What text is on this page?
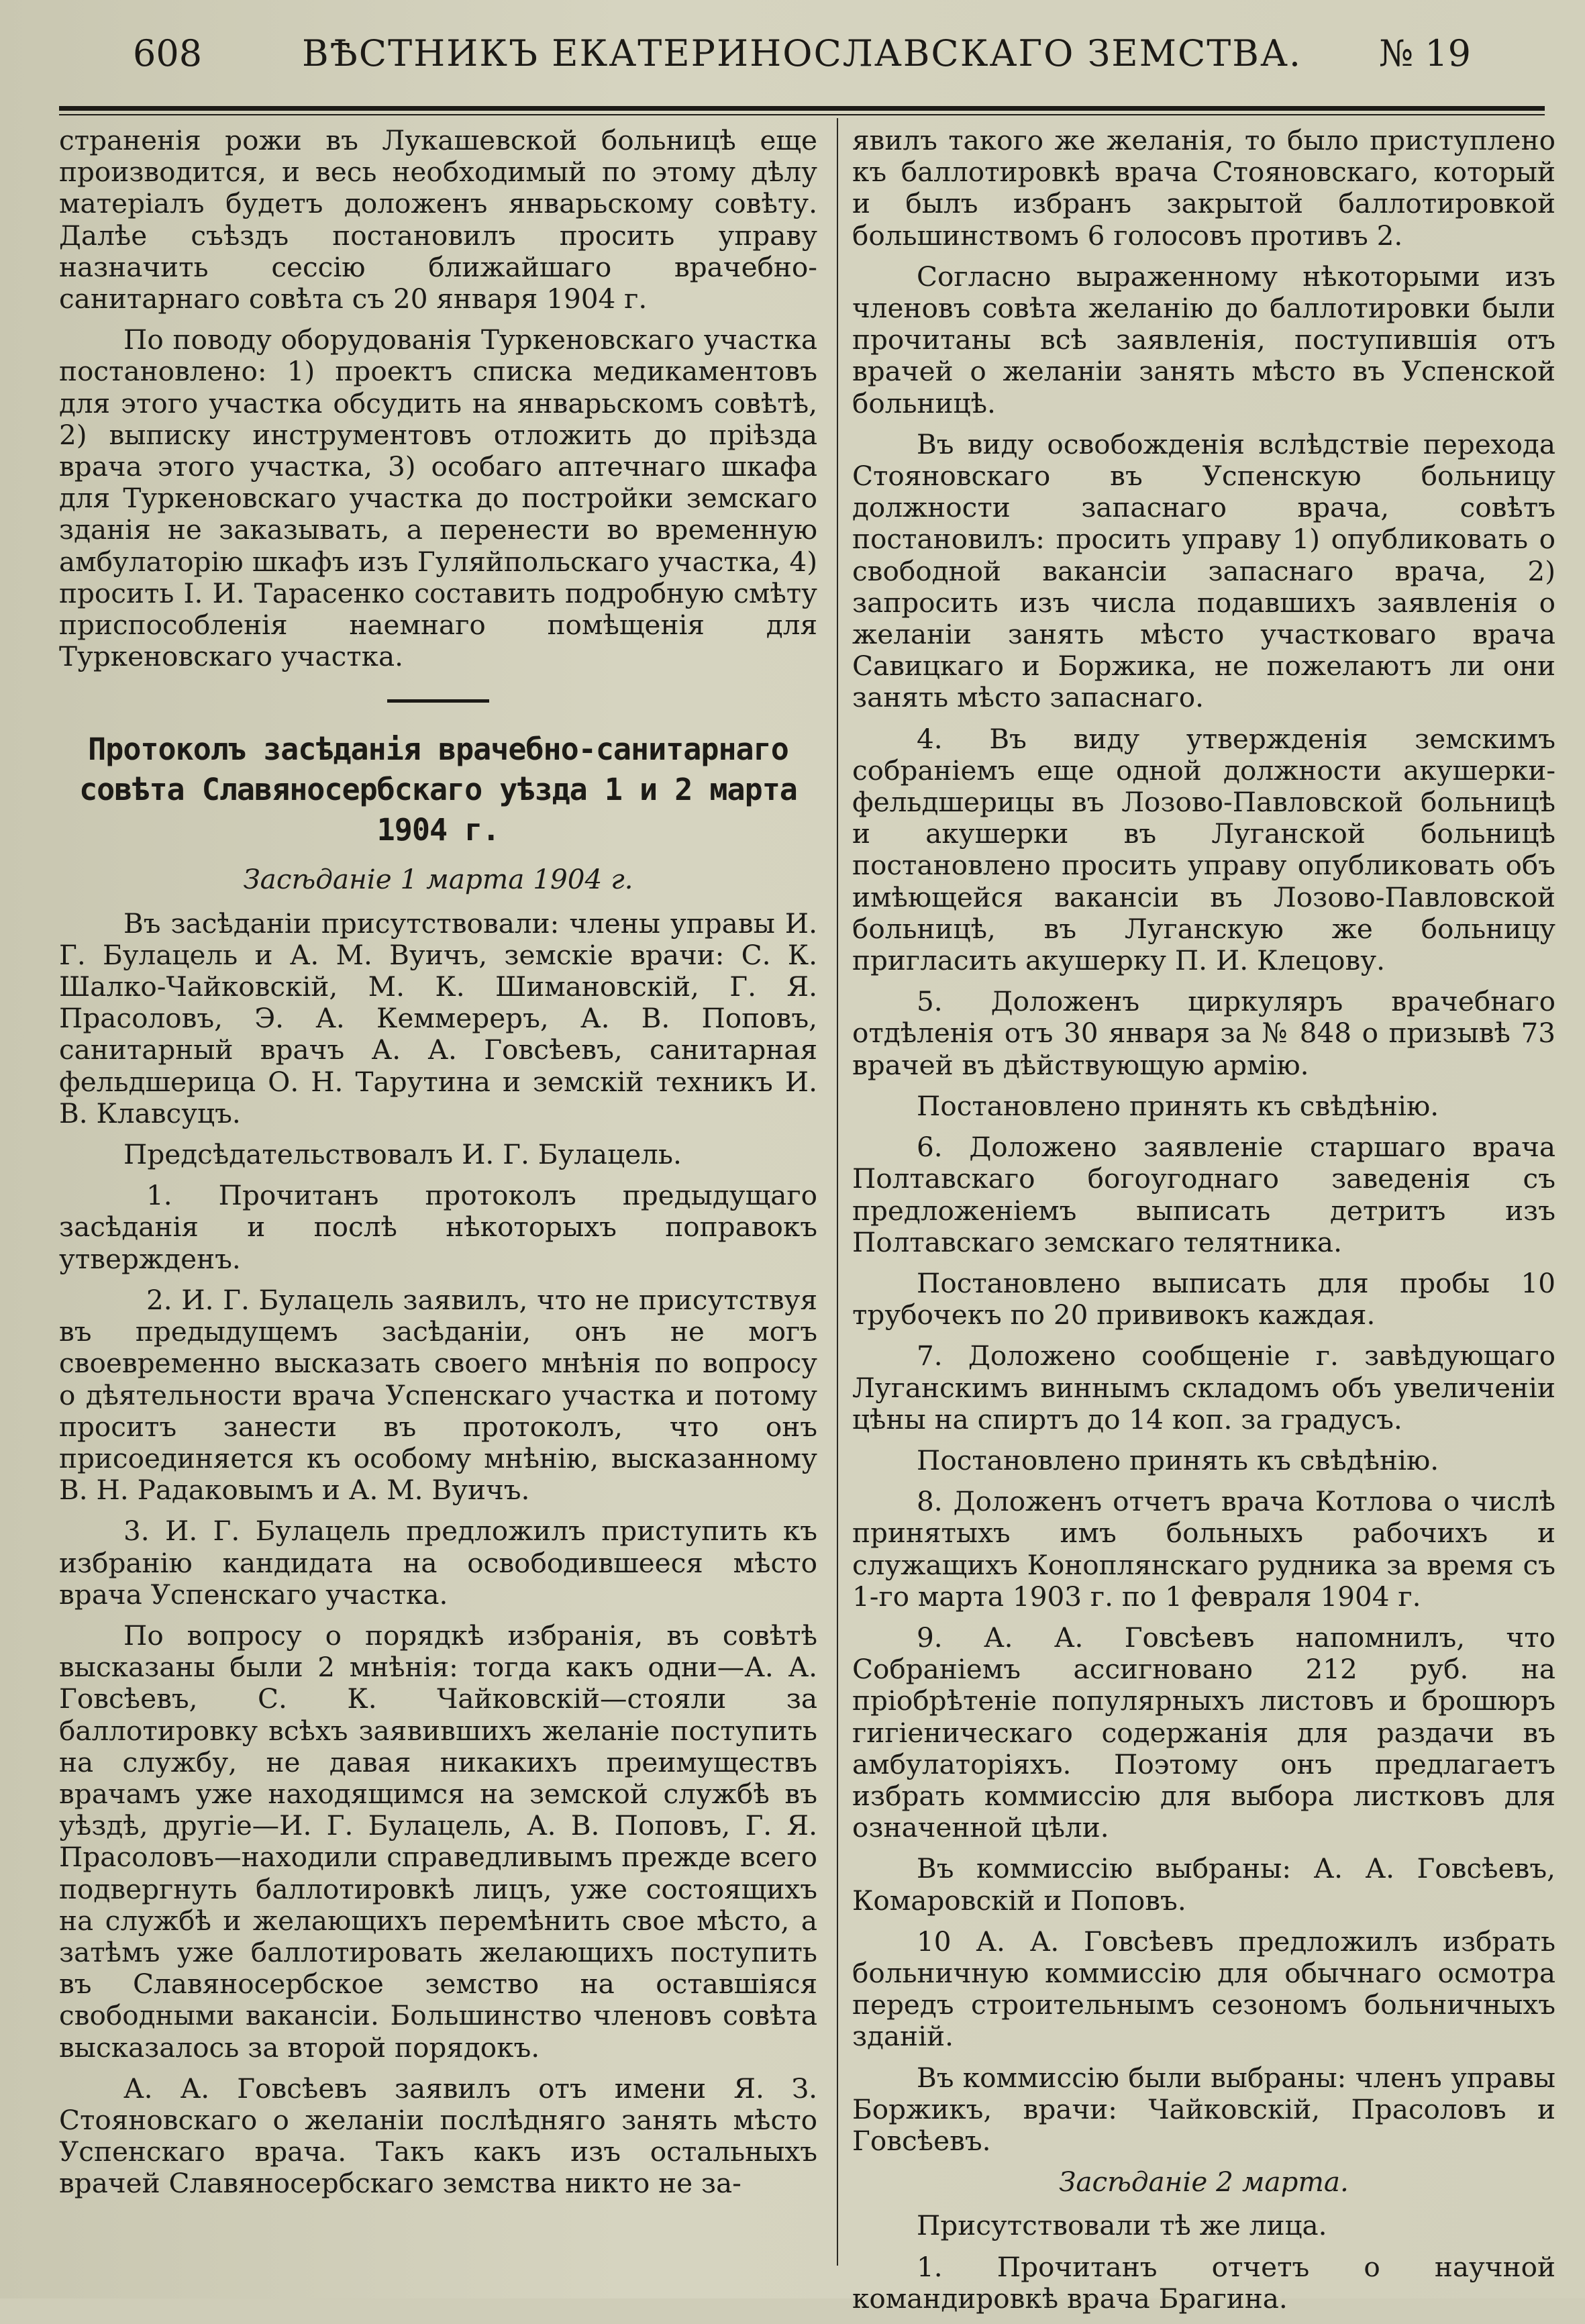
608	ВѢСТНИКЪ ЕКАТЕРИНОСЛАВСКАГО ЗЕМСТВА.	№ 19

страненія рожи въ Лукашевской больницѣ еще производится, и весь необходимый по этому дѣлу матеріалъ будетъ доложенъ январьскому совѣту. Далѣе съѣздъ постановилъ просить управу назначить сессію ближайшаго врачебно-санитарнаго совѣта съ 20 января 1904 г.

По поводу оборудованія Туркеновскаго участка постановлено: 1) проектъ списка медикаментовъ для этого участка обсудить на январьскомъ совѣтѣ, 2) выписку инструментовъ отложить до пріѣзда врача этого участка, 3) особаго аптечнаго шкафа для Туркеновскаго участка до постройки земскаго зданія не заказывать, а перенести во временную амбулаторію шкафъ изъ Гуляйпольскаго участка, 4) просить І. И. Тарасенко составить подробную смѣту приспособленія наемнаго помѣщенія для Туркеновскаго участка.

Протоколъ засѣданія врачебно-санитарнаго совѣта Славяносербскаго уѣзда 1 и 2 марта 1904 г.

Засѣданіе 1 марта 1904 г.

Въ засѣданіи присутствовали: члены управы И. Г. Булацель и А. М. Вуичъ, земскіе врачи: С. К. Шалко-Чайковскій, М. К. Шимановскій, Г. Я. Прасоловъ, Э. А. Кеммереръ, А. В. Поповъ, санитарный врачъ А. А. Говсѣевъ, санитарная фельдшерица О. Н. Тарутина и земскій техникъ И. В. Клавсуцъ.

Предсѣдательствовалъ И. Г. Булацель.

1. Прочитанъ протоколъ предыдущаго засѣданія и послѣ нѣкоторыхъ поправокъ утвержденъ.

2. И. Г. Булацель заявилъ, что не присутствуя въ предыдущемъ засѣданіи, онъ не могъ своевременно высказать своего мнѣнія по вопросу о дѣятельности врача Успенскаго участка и потому проситъ занести въ протоколъ, что онъ присоединяется къ особому мнѣнію, высказанному В. Н. Радаковымъ и А. М. Вуичъ.

3. И. Г. Булацель предложилъ приступить къ избранію кандидата на освободившееся мѣсто врача Успенскаго участка.

По вопросу о порядкѣ избранія, въ совѣтѣ высказаны были 2 мнѣнія: тогда какъ одни—А. А. Говсѣевъ, С. К. Чайковскій—стояли за баллотировку всѣхъ заявившихъ желаніе поступить на службу, не давая никакихъ преимуществъ врачамъ уже находящимся на земской службѣ въ уѣздѣ, другіе—И. Г. Булацель, А. В. Поповъ, Г. Я. Прасоловъ—находили справедливымъ прежде всего подвергнуть баллотировкѣ лицъ, уже состоящихъ на службѣ и желающихъ перемѣнить свое мѣсто, а затѣмъ уже баллотировать желающихъ поступить въ Славяносербское земство на оставшіяся свободными вакансіи. Большинство членовъ совѣта высказалось за второй порядокъ.

А. А. Говсѣевъ заявилъ отъ имени Я. З. Стояновскаго о желаніи послѣдняго занять мѣсто Успенскаго врача. Такъ какъ изъ остальныхъ врачей Славяносербскаго земства никто не за-

явилъ такого же желанія, то было приступлено къ баллотировкѣ врача Стояновскаго, который и былъ избранъ закрытой баллотировкой большинствомъ 6 голосовъ противъ 2.

Согласно выраженному нѣкоторыми изъ членовъ совѣта желанію до баллотировки были прочитаны всѣ заявленія, поступившія отъ врачей о желаніи занять мѣсто въ Успенской больницѣ.

Въ виду освобожденія вслѣдствіе перехода Стояновскаго въ Успенскую больницу должности запаснаго врача, совѣтъ постановилъ: просить управу 1) опубликовать о свободной вакансіи запаснаго врача, 2) запросить изъ числа подавшихъ заявленія о желаніи занять мѣсто участковаго врача Савицкаго и Боржика, не пожелаютъ ли они занять мѣсто запаснаго.

4. Въ виду утвержденія земскимъ собраніемъ еще одной должности акушерки-фельдшерицы въ Лозово-Павловской больницѣ и акушерки въ Луганской больницѣ постановлено просить управу опубликовать объ имѣющейся вакансіи въ Лозово-Павловской больницѣ, въ Луганскую же больницу пригласить акушерку П. И. Клецову.

5. Доложенъ циркуляръ врачебнаго отдѣленія отъ 30 января за № 848 о призывѣ 73 врачей въ дѣйствующую армію.

Постановлено принять къ свѣдѣнію.

6. Доложено заявленіе старшаго врача Полтавскаго богоугоднаго заведенія съ предложеніемъ выписать детритъ изъ Полтавскаго земскаго телятника.

Постановлено выписать для пробы 10 трубочекъ по 20 прививокъ каждая.

7. Доложено сообщеніе г. завѣдующаго Луганскимъ виннымъ складомъ объ увеличеніи цѣны на спиртъ до 14 коп. за градусъ.

Постановлено принять къ свѣдѣнію.

8. Доложенъ отчетъ врача Котлова о числѣ принятыхъ имъ больныхъ рабочихъ и служащихъ Коноплянскаго рудника за время съ 1-го марта 1903 г. по 1 февраля 1904 г.

9. А. А. Говсѣевъ напомнилъ, что Собраніемъ ассигновано 212 руб. на пріобрѣтеніе популярныхъ листовъ и брошюръ гигіеническаго содержанія для раздачи въ амбулаторіяхъ. Поэтому онъ предлагаетъ избрать коммиссію для выбора листковъ для означенной цѣли.

Въ коммиссію выбраны: А. А. Говсѣевъ, Комаровскій и Поповъ.

10 А. А. Говсѣевъ предложилъ избрать больничную коммиссію для обычнаго осмотра передъ строительнымъ сезономъ больничныхъ зданій.

Въ коммиссію были выбраны: членъ управы Боржикъ, врачи: Чайковскій, Прасоловъ и Говсѣевъ.

Засѣданіе 2 марта.

Присутствовали тѣ же лица.

1. Прочитанъ отчетъ о научной командировкѣ врача Брагина.
